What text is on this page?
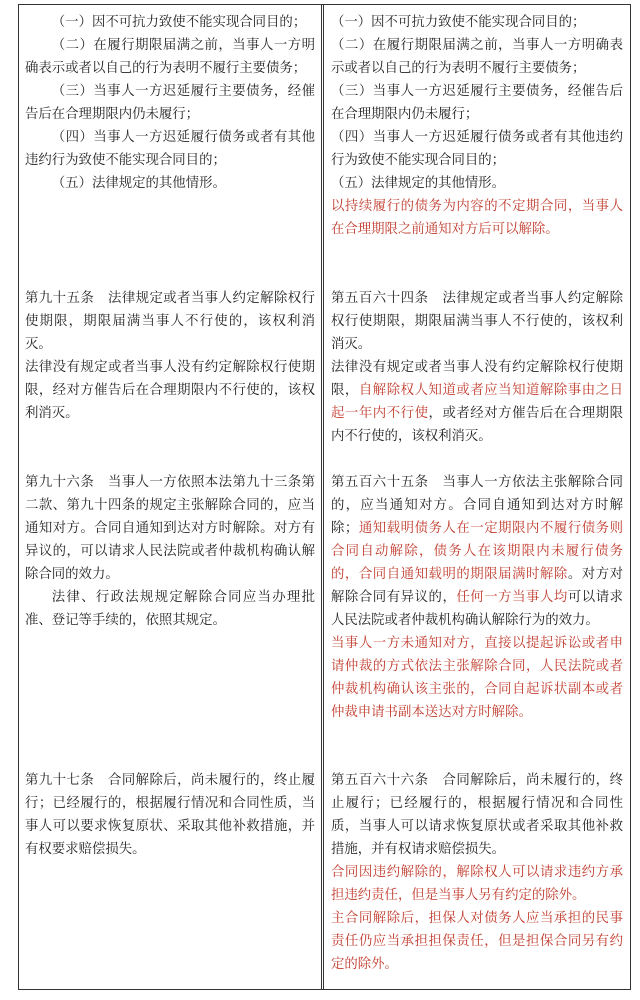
（一）因不可抗力致使不能实现合同目的；

（二）在履行期限届满之前，当事人一方明确表示或者以自己的行为表明不履行主要债务；

（三）当事人一方迟延履行主要债务，经催告后在合理期限内仍未履行；

（四）当事人一方迟延履行债务或者有其他违约行为致使不能实现合同目的；

（五）法律规定的其他情形。

第九十五条　法律规定或者当事人约定解除权行使期限，期限届满当事人不行使的，该权利消灭。

法律没有规定或者当事人没有约定解除权行使期限，经对方催告后在合理期限内不行使的，该权利消灭。

第九十六条　当事人一方依照本法第九十三条第二款、第九十四条的规定主张解除合同的，应当通知对方。合同自通知到达对方时解除。对方有异议的，可以请求人民法院或者仲裁机构确认解除合同的效力。

法律、行政法规规定解除合同应当办理批准、登记等手续的，依照其规定。

第九十七条　合同解除后，尚未履行的，终止履行；已经履行的，根据履行情况和合同性质，当事人可以要求恢复原状、采取其他补救措施，并有权要求赔偿损失。

（一）因不可抗力致使不能实现合同目的；

（二）在履行期限届满之前，当事人一方明确表示或者以自己的行为表明不履行主要债务；

（三）当事人一方迟延履行主要债务，经催告后在合理期限内仍未履行；

（四）当事人一方迟延履行债务或者有其他违约行为致使不能实现合同目的；

（五）法律规定的其他情形。

以持续履行的债务为内容的不定期合同，当事人在合理期限之前通知对方后可以解除。

第五百六十四条　法律规定或者当事人约定解除权行使期限，期限届满当事人不行使的，该权利消灭。

法律没有规定或者当事人没有约定解除权行使期限，自解除权人知道或者应当知道解除事由之日起一年内不行使，或者经对方催告后在合理期限内不行使的，该权利消灭。

第五百六十五条　当事人一方依法主张解除合同的，应当通知对方。合同自通知到达对方时解除；通知载明债务人在一定期限内不履行债务则合同自动解除，债务人在该期限内未履行债务的，合同自通知载明的期限届满时解除。对方对解除合同有异议的，任何一方当事人均可以请求人民法院或者仲裁机构确认解除行为的效力。

当事人一方未通知对方，直接以提起诉讼或者申请仲裁的方式依法主张解除合同，人民法院或者仲裁机构确认该主张的，合同自起诉状副本或者仲裁申请书副本送达对方时解除。

第五百六十六条　合同解除后，尚未履行的，终止履行；已经履行的，根据履行情况和合同性质，当事人可以请求恢复原状或者采取其他补救措施，并有权请求赔偿损失。

合同因违约解除的，解除权人可以请求违约方承担违约责任，但是当事人另有约定的除外。

主合同解除后，担保人对债务人应当承担的民事责任仍应当承担担保责任，但是担保合同另有约定的除外。
